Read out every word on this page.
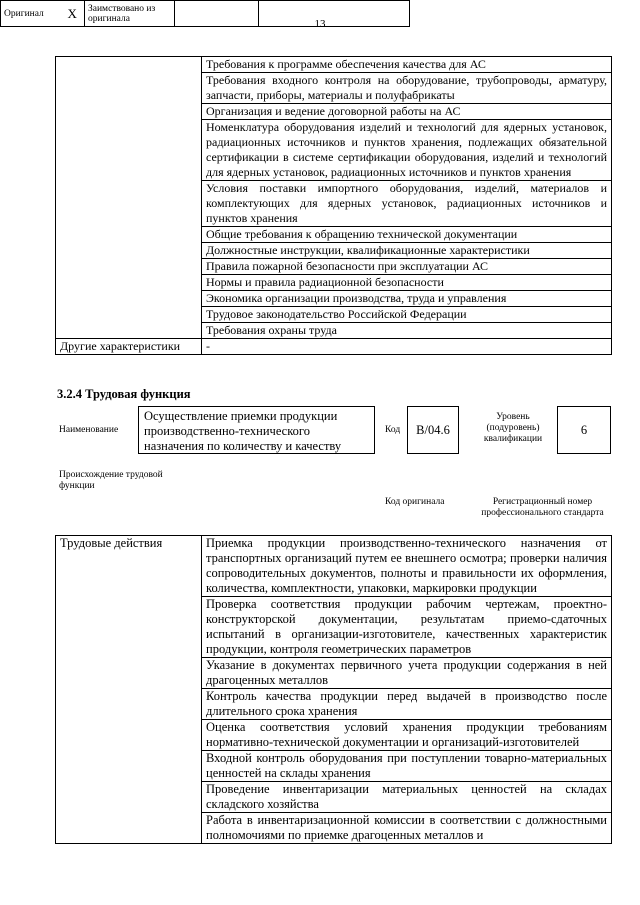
13
	Требования к программе обеспечения качества для АС
	Требования входного контроля на оборудование, трубопроводы, арматуру, запчасти, приборы, материалы и полуфабрикаты
	Организация и ведение договорной работы на АС
	Номенклатура оборудования изделий и технологий для ядерных установок, радиационных источников и пунктов хранения, подлежащих обязательной сертификации в системе сертификации оборудования, изделий и технологий для ядерных установок, радиационных источников и пунктов хранения
	Условия поставки импортного оборудования, изделий, материалов и комплектующих для ядерных установок, радиационных источников и пунктов хранения
	Общие требования к обращению технической документации
	Должностные инструкции, квалификационные характеристики
	Правила пожарной безопасности при эксплуатации АС
	Нормы и правила радиационной безопасности
	Экономика организации производства, труда и управления
	Трудовое законодательство Российской Федерации
	Требования охраны труда
Другие характеристики	-
3.2.4 Трудовая функция
Наименование
Осуществление приемки продукции производственно-технического назначения по количеству и качеству
Код	B/04.6
Уровень (подуровень) квалификации
6
Происхождение трудовой функции
Оригинал	X	Заимствовано из оригинала		
Код оригинала	Регистрационный номер профессионального стандарта
Трудовые действия	Приемка продукции производственно-технического назначения от транспортных организаций путем ее внешнего осмотра; проверки наличия сопроводительных документов, полноты и правильности их оформления, количества, комплектности, упаковки, маркировки продукции
Проверка соответствия продукции рабочим чертежам, проектно-конструкторской документации, результатам приемо-сдаточных испытаний в организации-изготовителе, качественных характеристик продукции, контроля геометрических параметров
Указание в документах первичного учета продукции содержания в ней драгоценных металлов
Контроль качества продукции перед выдачей в производство после длительного срока хранения
Оценка соответствия условий хранения продукции требованиям нормативно-технической документации и организаций-изготовителей
Входной контроль оборудования при поступлении товарно-материальных ценностей на склады хранения
Проведение инвентаризации материальных ценностей на складах складского хозяйства
Работа в инвентаризационной комиссии в соответствии с должностными полномочиями по приемке драгоценных металлов и
